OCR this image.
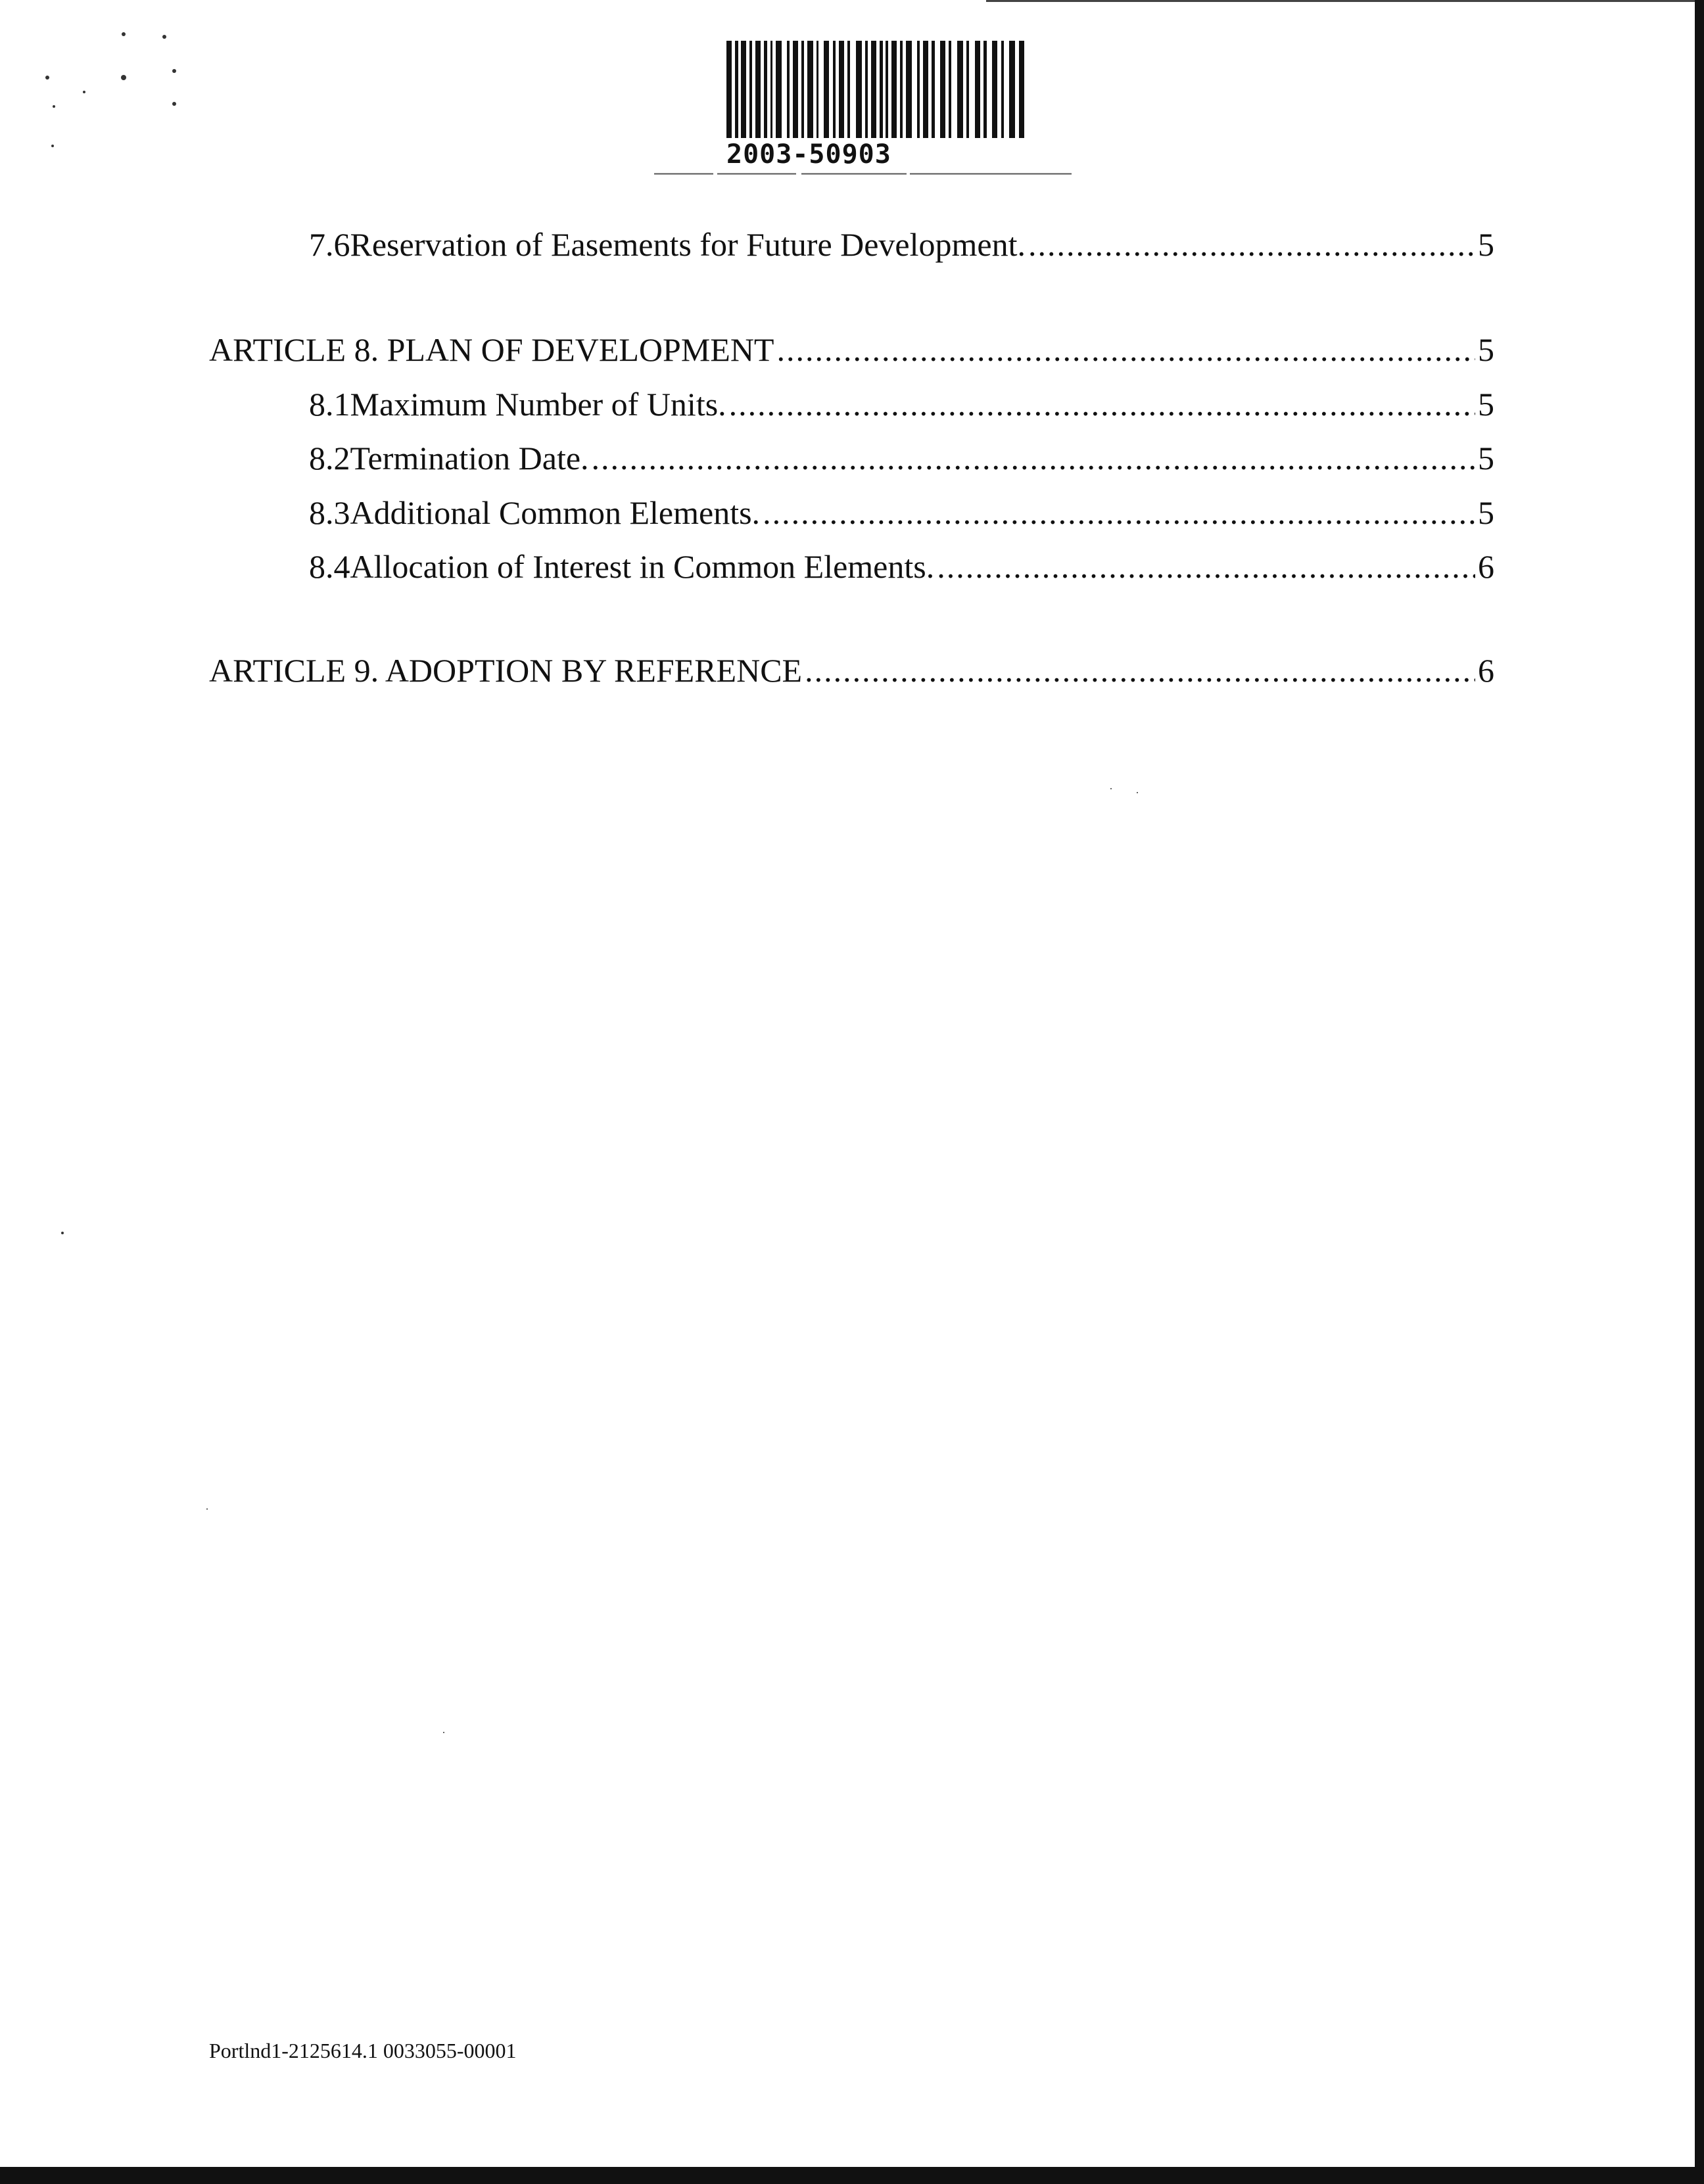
2003-50903
7.6 Reservation of Easements for Future Development. .....	5
ARTICLE 8. PLAN OF DEVELOPMENT .....	5
8.1 Maximum Number of Units. .....	5
8.2 Termination Date. .....	5
8.3 Additional Common Elements. .....	5
8.4 Allocation of Interest in Common Elements. .....	6
ARTICLE 9. ADOPTION BY REFERENCE .....	6
Portlnd1-2125614.1 0033055-00001
